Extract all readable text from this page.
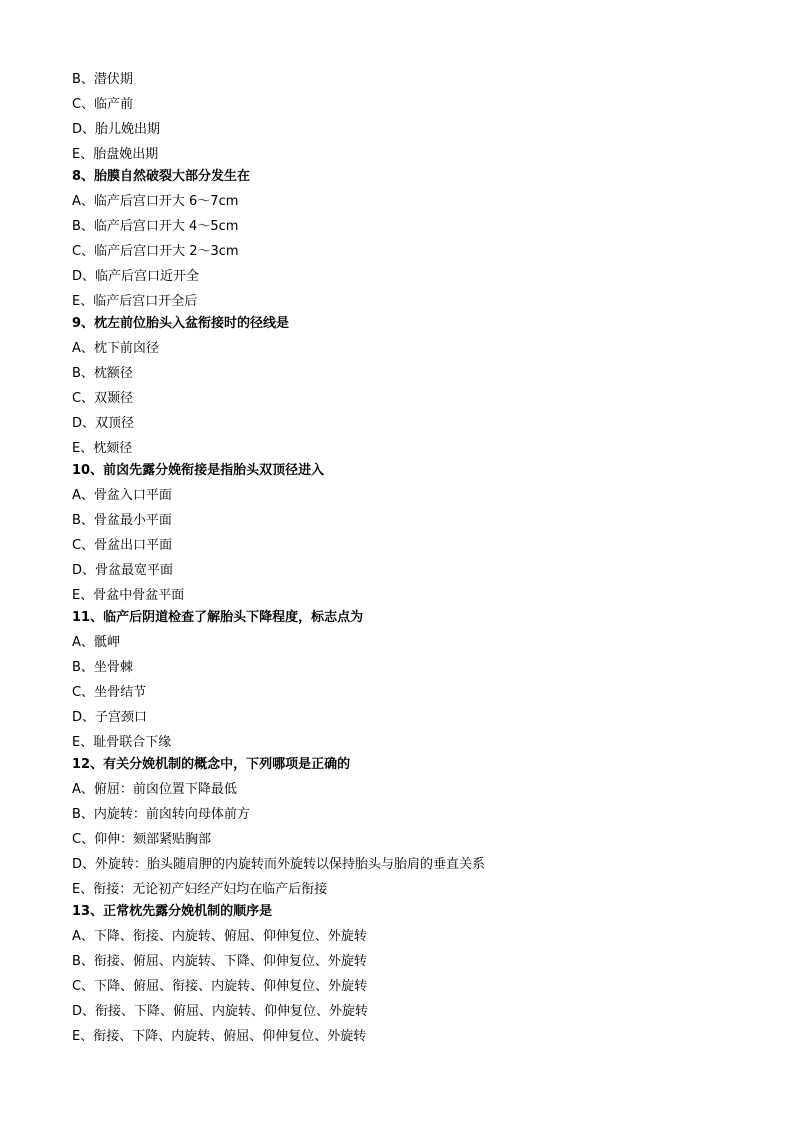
B、潜伏期
C、临产前
D、胎儿娩出期
E、胎盘娩出期
8、胎膜自然破裂大部分发生在
A、临产后宫口开大 6～7cm
B、临产后宫口开大 4～5cm
C、临产后宫口开大 2～3cm
D、临产后宫口近开全
E、临产后宫口开全后
9、枕左前位胎头入盆衔接时的径线是
A、枕下前囟径
B、枕额径
C、双颞径
D、双顶径
E、枕颏径
10、前囟先露分娩衔接是指胎头双顶径进入
A、骨盆入口平面
B、骨盆最小平面
C、骨盆出口平面
D、骨盆最宽平面
E、骨盆中骨盆平面
11、临产后阴道检查了解胎头下降程度，标志点为
A、骶岬
B、坐骨棘
C、坐骨结节
D、子宫颈口
E、耻骨联合下缘
12、有关分娩机制的概念中，下列哪项是正确的
A、俯屈：前囟位置下降最低
B、内旋转：前囟转向母体前方
C、仰伸：颏部紧贴胸部
D、外旋转：胎头随肩胛的内旋转而外旋转以保持胎头与胎肩的垂直关系
E、衔接：无论初产妇经产妇均在临产后衔接
13、正常枕先露分娩机制的顺序是
A、下降、衔接、内旋转、俯屈、仰伸复位、外旋转
B、衔接、俯屈、内旋转、下降、仰伸复位、外旋转
C、下降、俯屈、衔接、内旋转、仰伸复位、外旋转
D、衔接、下降、俯屈、内旋转、仰伸复位、外旋转
E、衔接、下降、内旋转、俯屈、仰伸复位、外旋转
